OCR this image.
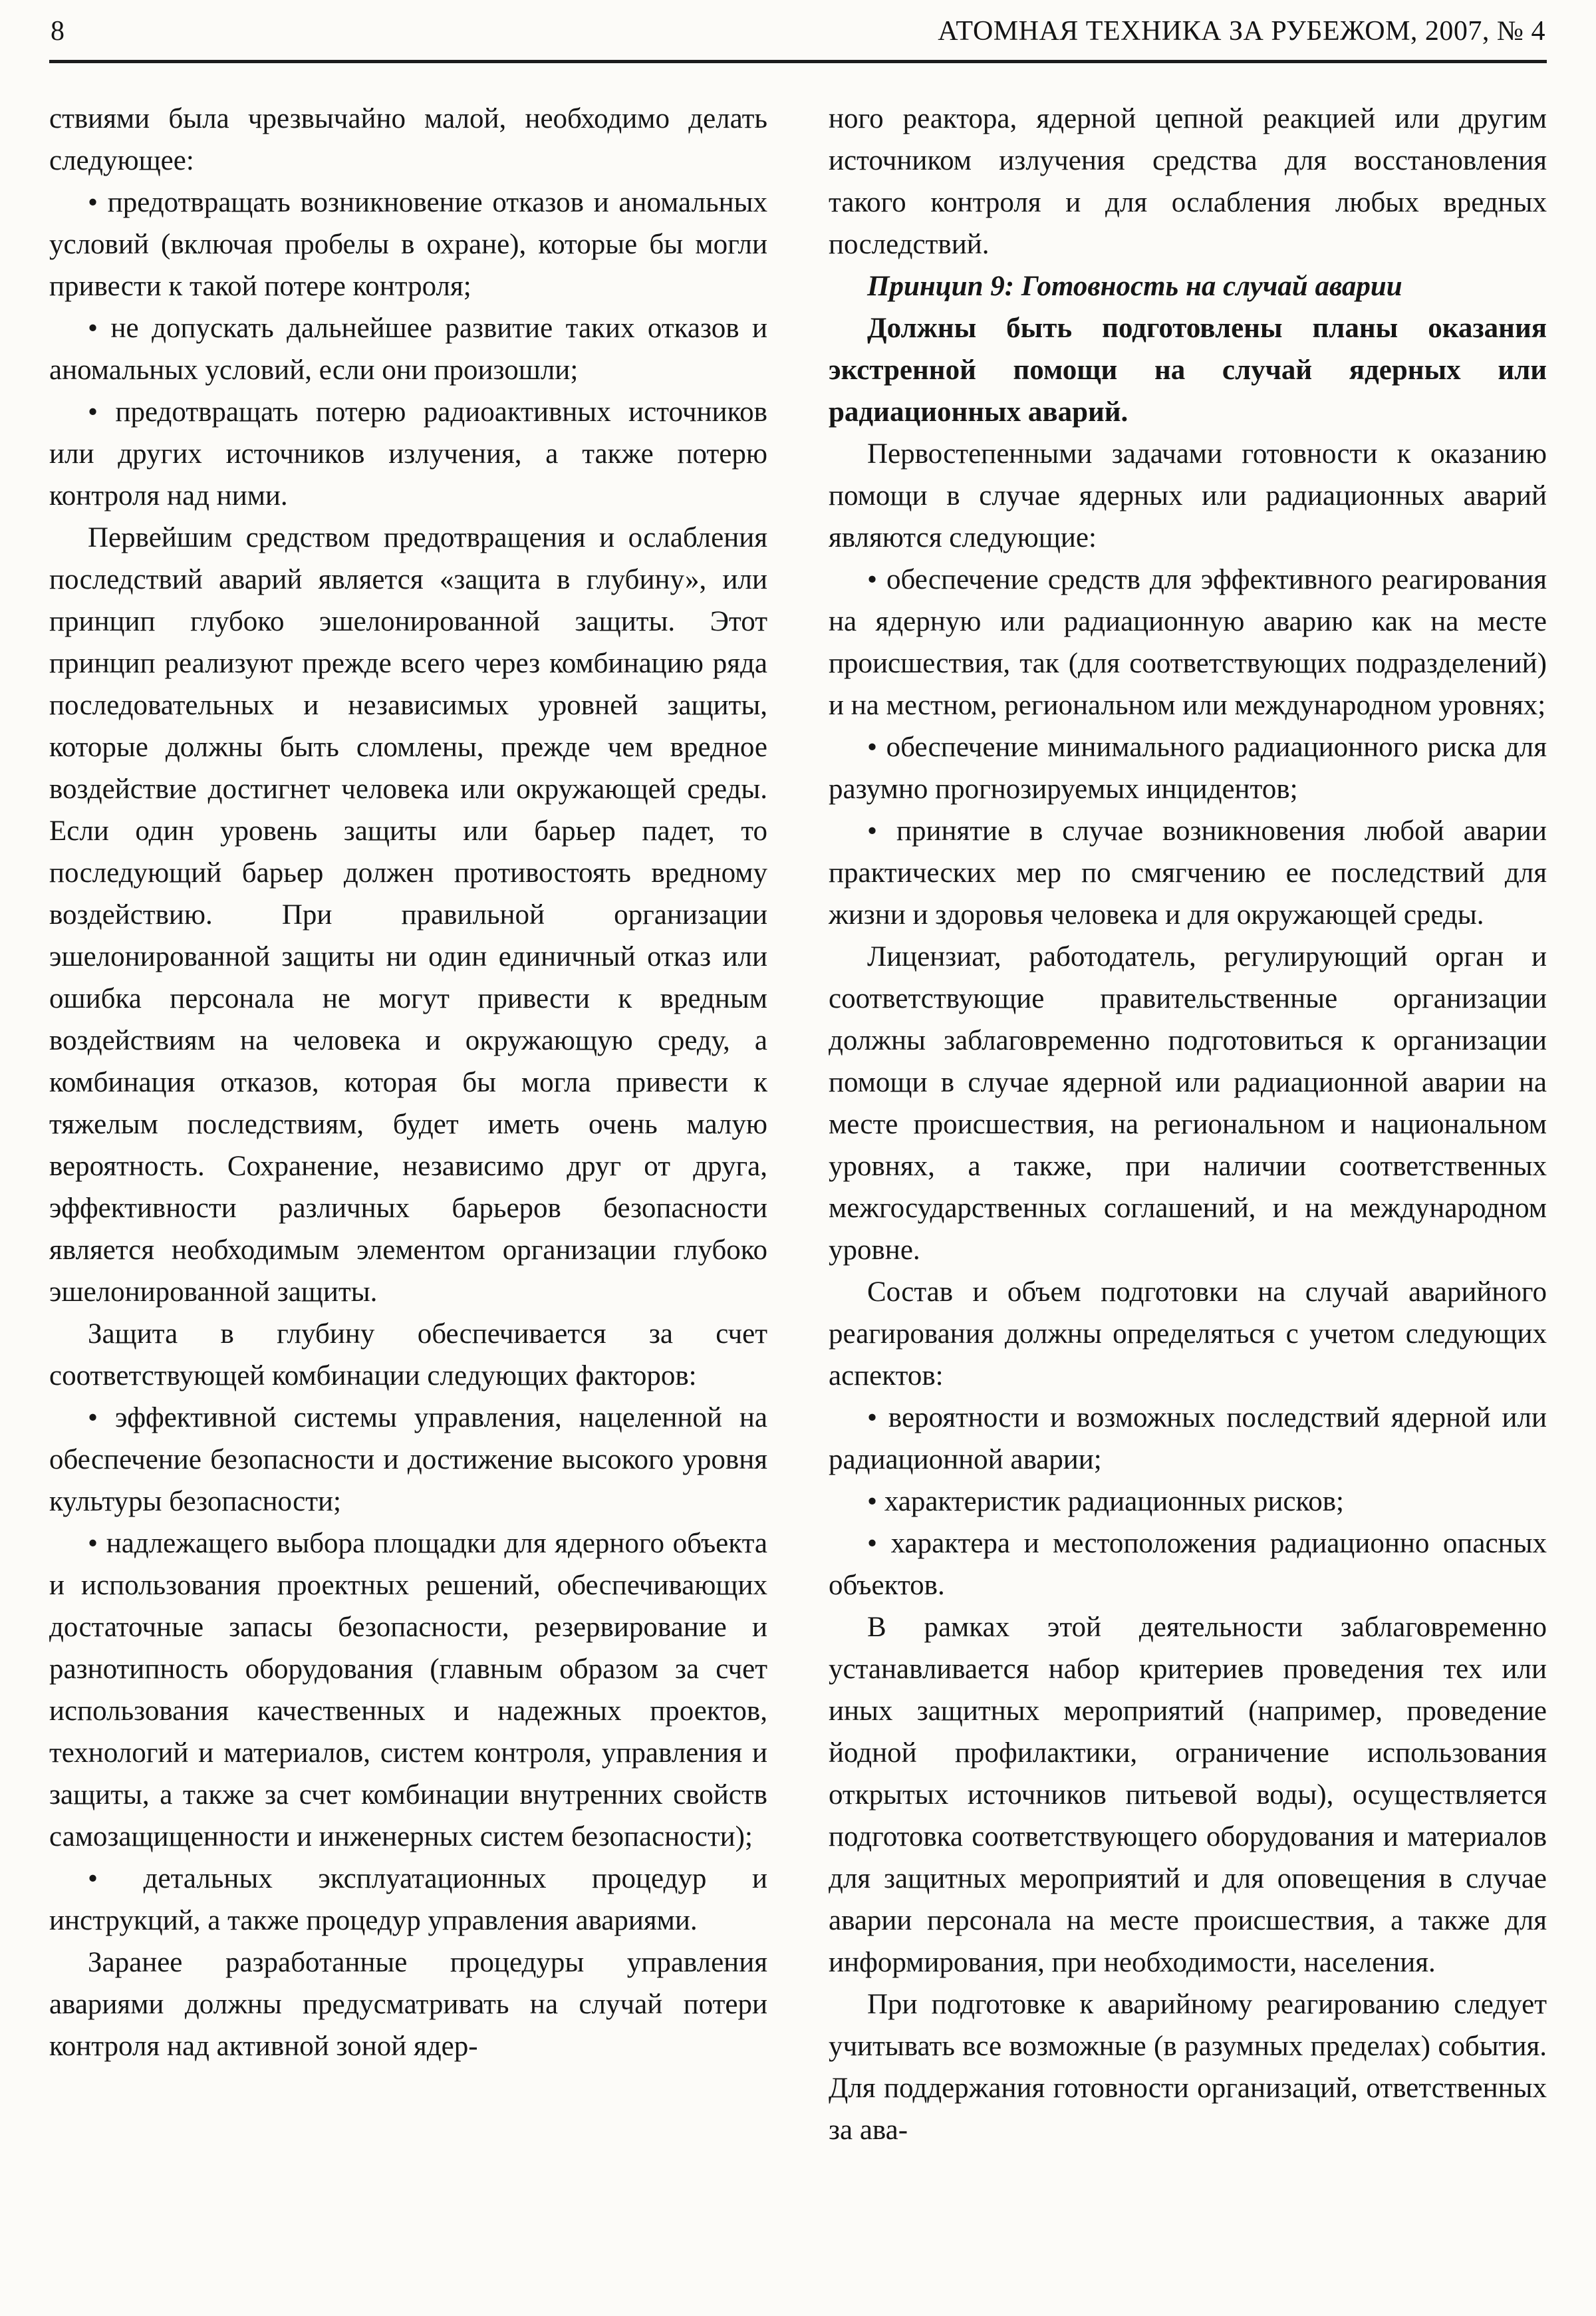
8	АТОМНАЯ ТЕХНИКА ЗА РУБЕЖОМ, 2007, № 4

ствиями была чрезвычайно малой, необходимо делать следующее:

• предотвращать возникновение отказов и аномальных условий (включая пробелы в охране), которые бы могли привести к такой потере контроля;

• не допускать дальнейшее развитие таких отказов и аномальных условий, если они произошли;

• предотвращать потерю радиоактивных источников или других источников излучения, а также потерю контроля над ними.

Первейшим средством предотвращения и ослабления последствий аварий является «защита в глубину», или принцип глубоко эшелонированной защиты. Этот принцип реализуют прежде всего через комбинацию ряда последовательных и независимых уровней защиты, которые должны быть сломлены, прежде чем вредное воздействие достигнет человека или окружающей среды. Если один уровень защиты или барьер падет, то последующий барьер должен противостоять вредному воздействию. При правильной организации эшелонированной защиты ни один единичный отказ или ошибка персонала не могут привести к вредным воздействиям на человека и окружающую среду, а комбинация отказов, которая бы могла привести к тяжелым последствиям, будет иметь очень малую вероятность. Сохранение, независимо друг от друга, эффективности различных барьеров безопасности является необходимым элементом организации глубоко эшелонированной защиты.

Защита в глубину обеспечивается за счет соответствующей комбинации следующих факторов:

• эффективной системы управления, нацеленной на обеспечение безопасности и достижение высокого уровня культуры безопасности;

• надлежащего выбора площадки для ядерного объекта и использования проектных решений, обеспечивающих достаточные запасы безопасности, резервирование и разнотипность оборудования (главным образом за счет использования качественных и надежных проектов, технологий и материалов, систем контроля, управления и защиты, а также за счет комбинации внутренних свойств самозащищенности и инженерных систем безопасности);

• детальных эксплуатационных процедур и инструкций, а также процедур управления авариями.

Заранее разработанные процедуры управления авариями должны предусматривать на случай потери контроля над активной зоной ядер-

ного реактора, ядерной цепной реакцией или другим источником излучения средства для восстановления такого контроля и для ослабления любых вредных последствий.

Принцип 9: Готовность на случай аварии

Должны быть подготовлены планы оказания экстренной помощи на случай ядерных или радиационных аварий.

Первостепенными задачами готовности к оказанию помощи в случае ядерных или радиационных аварий являются следующие:

• обеспечение средств для эффективного реагирования на ядерную или радиационную аварию как на месте происшествия, так (для соответствующих подразделений) и на местном, региональном или международном уровнях;

• обеспечение минимального радиационного риска для разумно прогнозируемых инцидентов;

• принятие в случае возникновения любой аварии практических мер по смягчению ее последствий для жизни и здоровья человека и для окружающей среды.

Лицензиат, работодатель, регулирующий орган и соответствующие правительственные организации должны заблаговременно подготовиться к организации помощи в случае ядерной или радиационной аварии на месте происшествия, на региональном и национальном уровнях, а также, при наличии соответственных межгосударственных соглашений, и на международном уровне.

Состав и объем подготовки на случай аварийного реагирования должны определяться с учетом следующих аспектов:

• вероятности и возможных последствий ядерной или радиационной аварии;

• характеристик радиационных рисков;

• характера и местоположения радиационно опасных объектов.

В рамках этой деятельности заблаговременно устанавливается набор критериев проведения тех или иных защитных мероприятий (например, проведение йодной профилактики, ограничение использования открытых источников питьевой воды), осуществляется подготовка соответствующего оборудования и материалов для защитных мероприятий и для оповещения в случае аварии персонала на месте происшествия, а также для информирования, при необходимости, населения.

При подготовке к аварийному реагированию следует учитывать все возможные (в разумных пределах) события. Для поддержания готовности организаций, ответственных за ава-
